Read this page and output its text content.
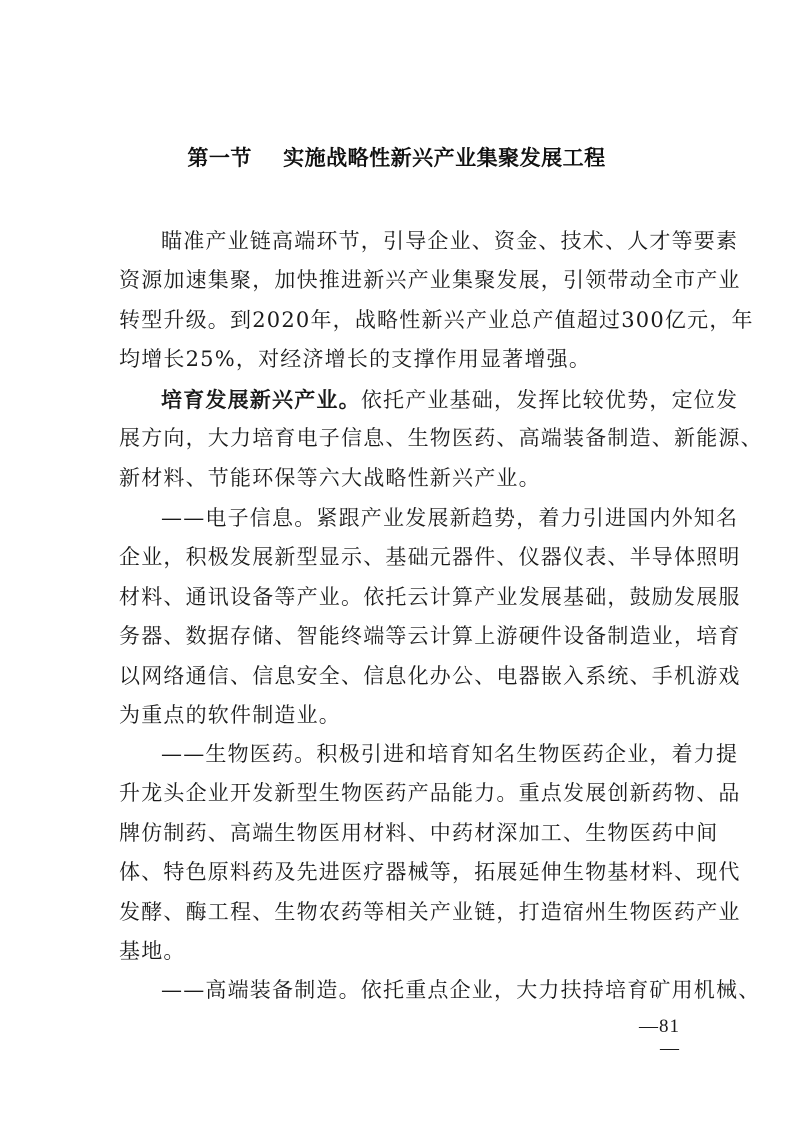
第一节    实施战略性新兴产业集聚发展工程
瞄准产业链高端环节，引导企业、资金、技术、人才等要素
资源加速集聚，加快推进新兴产业集聚发展，引领带动全市产业
转型升级。到2020年，战略性新兴产业总产值超过300亿元，年
均增长25%，对经济增长的支撑作用显著增强。
培育发展新兴产业。依托产业基础，发挥比较优势，定位发
展方向，大力培育电子信息、生物医药、高端装备制造、新能源、
新材料、节能环保等六大战略性新兴产业。
——电子信息。紧跟产业发展新趋势，着力引进国内外知名
企业，积极发展新型显示、基础元器件、仪器仪表、半导体照明
材料、通讯设备等产业。依托云计算产业发展基础，鼓励发展服
务器、数据存储、智能终端等云计算上游硬件设备制造业，培育
以网络通信、信息安全、信息化办公、电器嵌入系统、手机游戏
为重点的软件制造业。
——生物医药。积极引进和培育知名生物医药企业，着力提
升龙头企业开发新型生物医药产品能力。重点发展创新药物、品
牌仿制药、高端生物医用材料、中药材深加工、生物医药中间
体、特色原料药及先进医疗器械等，拓展延伸生物基材料、现代
发酵、酶工程、生物农药等相关产业链，打造宿州生物医药产业
基地。
——高端装备制造。依托重点企业，大力扶持培育矿用机械、
—81—
